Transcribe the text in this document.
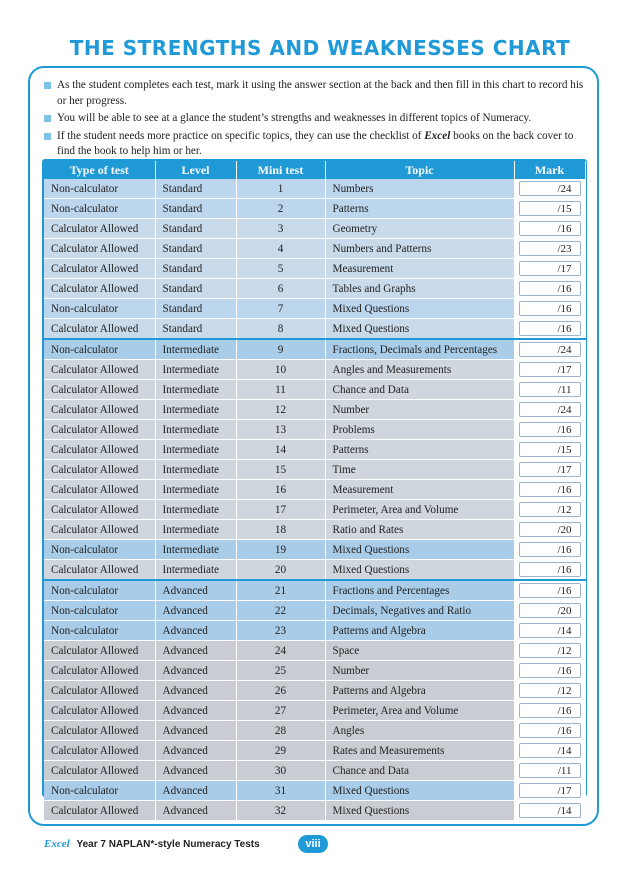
THE STRENGTHS AND WEAKNESSES CHART
As the student completes each test, mark it using the answer section at the back and then fill in this chart to record his or her progress.
You will be able to see at a glance the student’s strengths and weaknesses in different topics of Numeracy.
If the student needs more practice on specific topics, they can use the checklist of Excel books on the back cover to find the book to help him or her.
Type of test	Level	Mini test	Topic	Mark
Non-calculator	Standard	1	Numbers	/24

Non-calculator	Standard	2	Patterns	/15

Calculator Allowed	Standard	3	Geometry	/16

Calculator Allowed	Standard	4	Numbers and Patterns	/23

Calculator Allowed	Standard	5	Measurement	/17

Calculator Allowed	Standard	6	Tables and Graphs	/16

Non-calculator	Standard	7	Mixed Questions	/16

Calculator Allowed	Standard	8	Mixed Questions	/16

Non-calculator	Intermediate	9	Fractions, Decimals and Percentages	/24

Calculator Allowed	Intermediate	10	Angles and Measurements	/17

Calculator Allowed	Intermediate	11	Chance and Data	/11

Calculator Allowed	Intermediate	12	Number	/24

Calculator Allowed	Intermediate	13	Problems	/16

Calculator Allowed	Intermediate	14	Patterns	/15

Calculator Allowed	Intermediate	15	Time	/17

Calculator Allowed	Intermediate	16	Measurement	/16

Calculator Allowed	Intermediate	17	Perimeter, Area and Volume	/12

Calculator Allowed	Intermediate	18	Ratio and Rates	/20

Non-calculator	Intermediate	19	Mixed Questions	/16

Calculator Allowed	Intermediate	20	Mixed Questions	/16

Non-calculator	Advanced	21	Fractions and Percentages	/16

Non-calculator	Advanced	22	Decimals, Negatives and Ratio	/20

Non-calculator	Advanced	23	Patterns and Algebra	/14

Calculator Allowed	Advanced	24	Space	/12

Calculator Allowed	Advanced	25	Number	/16

Calculator Allowed	Advanced	26	Patterns and Algebra	/12

Calculator Allowed	Advanced	27	Perimeter, Area and Volume	/16

Calculator Allowed	Advanced	28	Angles	/16

Calculator Allowed	Advanced	29	Rates and Measurements	/14

Calculator Allowed	Advanced	30	Chance and Data	/11

Non-calculator	Advanced	31	Mixed Questions	/17

Calculator Allowed	Advanced	32	Mixed Questions	/14
Excel Year 7 NAPLAN*-style Numeracy Tests	viii
